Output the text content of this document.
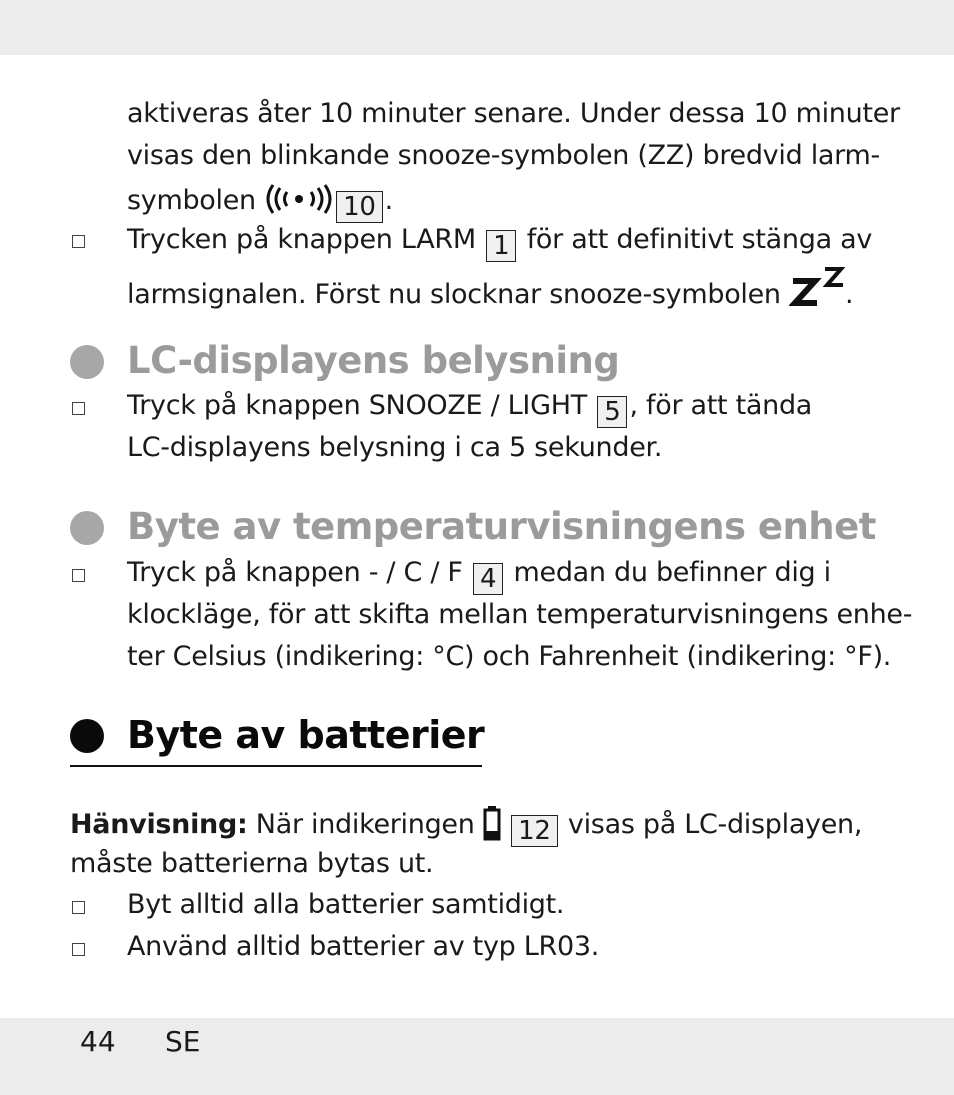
aktiveras åter 10 minuter senare. Under dessa 10 minuter
visas den blinkande snooze-symbolen (ZZ) bredvid larm-
symbolen	10 .
Trycken på knappen LARM 1 för att definitivt stänga av
larmsignalen. Först nu slocknar snooze-symbolen .
LC-displayens belysning
Tryck på knappen SNOOZE / LIGHT 5 , för att tända
LC-displayens belysning i ca 5 sekunder.
Byte av temperaturvisningens enhet
Tryck på knappen - / C / F 4 medan du befinner dig i
klockläge, för att skifta mellan temperaturvisningens enhe-
ter Celsius (indikering: °C) och Fahrenheit (indikering: °F).
Byte av batterier
Hänvisning: När indikeringen 12 visas på LC-displayen,
måste batterierna bytas ut.
Byt alltid alla batterier samtidigt.
Använd alltid batterier av typ LR03.
44 SE
